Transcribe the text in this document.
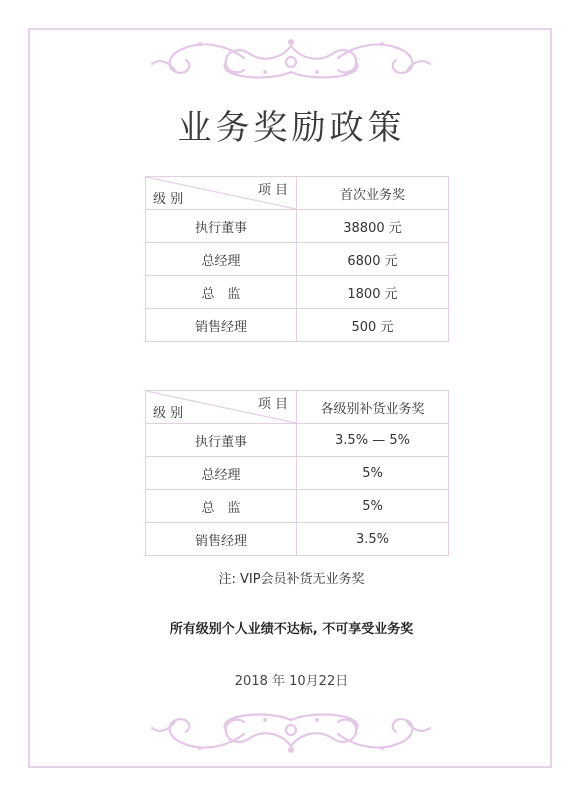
业务奖励政策
项 目
级 别	首次业务奖
执行董事	38800 元
总经理	6800 元
总　监	1800 元
销售经理	500 元
项 目
级 别	各级别补货业务奖
执行董事	3.5% — 5%
总经理	5%
总　监	5%
销售经理	3.5%
注: VIP会员补货无业务奖
所有级别个人业绩不达标, 不可享受业务奖
2018 年 10月22日
